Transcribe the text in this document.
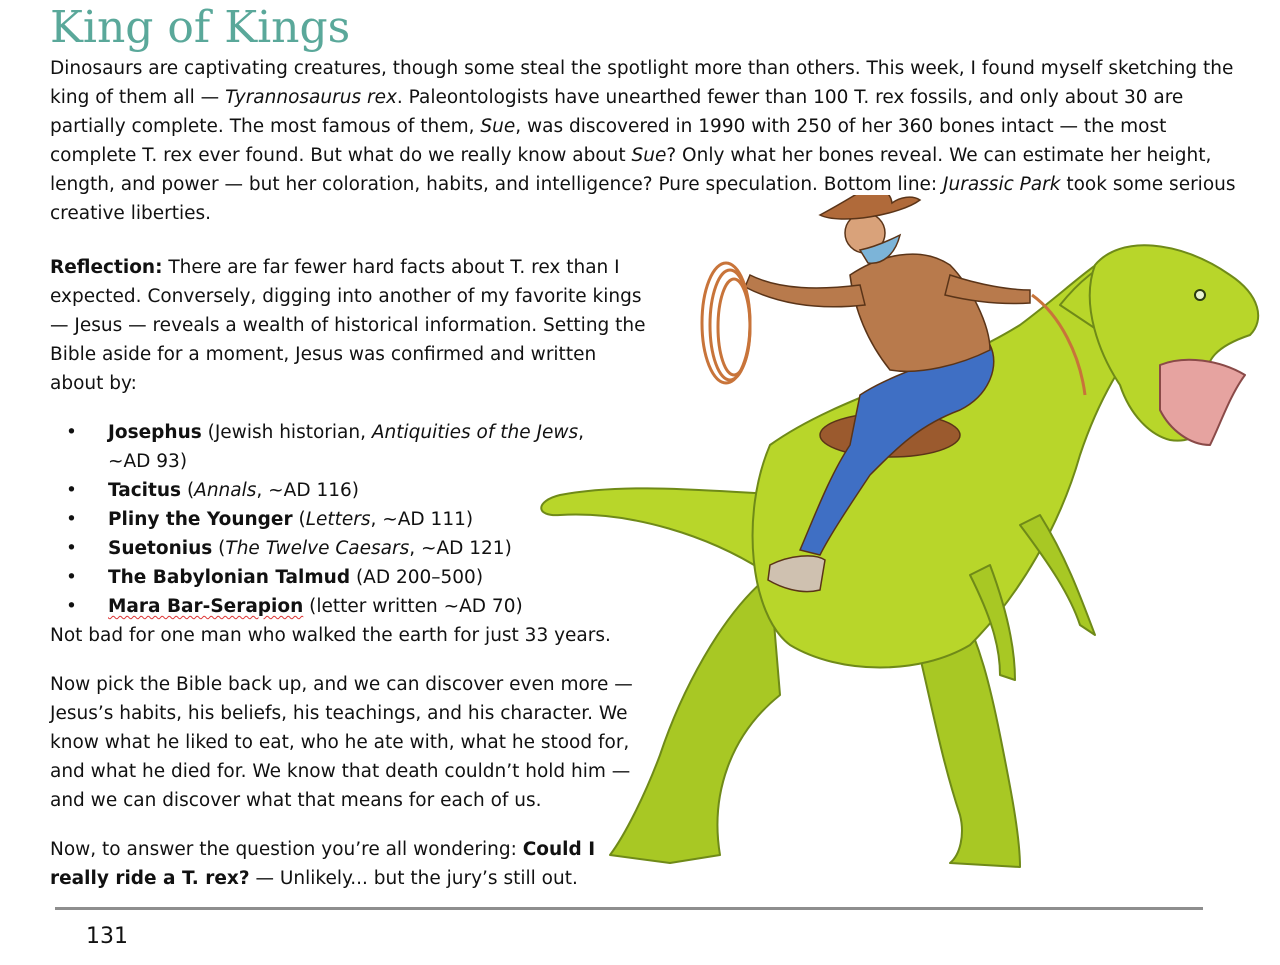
King of Kings

Dinosaurs are captivating creatures, though some steal the spotlight more than others. This week, I found myself sketching the king of them all — Tyrannosaurus rex. Paleontologists have unearthed fewer than 100 T. rex fossils, and only about 30 are partially complete. The most famous of them, Sue, was discovered in 1990 with 250 of her 360 bones intact — the most complete T. rex ever found. But what do we really know about Sue? Only what her bones reveal. We can estimate her height, length, and power — but her coloration, habits, and intelligence? Pure speculation. Bottom line: Jurassic Park took some serious creative liberties.

Reflection: There are far fewer hard facts about T. rex than I expected. Conversely, digging into another of my favorite kings — Jesus — reveals a wealth of historical information. Setting the Bible aside for a moment, Jesus was confirmed and written about by:

• Josephus (Jewish historian, Antiquities of the Jews, ~AD 93)
• Tacitus (Annals, ~AD 116)
• Pliny the Younger (Letters, ~AD 111)
• Suetonius (The Twelve Caesars, ~AD 121)
• The Babylonian Talmud (AD 200–500)
• Mara Bar-Serapion (letter written ~AD 70)

Not bad for one man who walked the earth for just 33 years.

Now pick the Bible back up, and we can discover even more — Jesus’s habits, his beliefs, his teachings, and his character. We know what he liked to eat, who he ate with, what he stood for, and what he died for. We know that death couldn’t hold him — and we can discover what that means for each of us.

Now, to answer the question you’re all wondering: Could I really ride a T. rex? — Unlikely... but the jury’s still out.

131
